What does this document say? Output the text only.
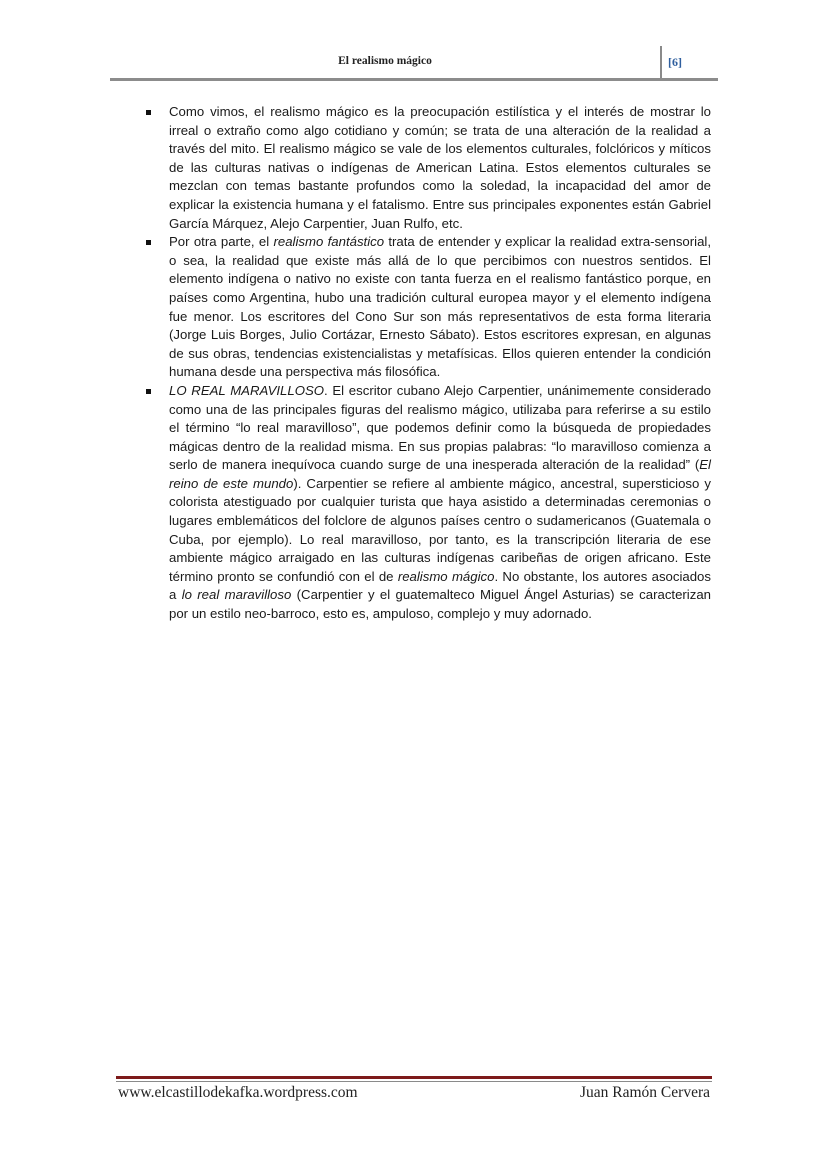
El realismo mágico	[6]
Como vimos, el realismo mágico es la preocupación estilística y el interés de mostrar lo irreal o extraño como algo cotidiano y común; se trata de una alteración de la realidad a través del mito. El realismo mágico se vale de los elementos culturales, folclóricos y míticos de las culturas nativas o indígenas de American Latina. Estos elementos culturales se mezclan con temas bastante profundos como la soledad, la incapacidad del amor de explicar la existencia humana y el fatalismo. Entre sus principales exponentes están Gabriel García Márquez, Alejo Carpentier, Juan Rulfo, etc.
Por otra parte, el realismo fantástico trata de entender y explicar la realidad extra-sensorial, o sea, la realidad que existe más allá de lo que percibimos con nuestros sentidos. El elemento indígena o nativo no existe con tanta fuerza en el realismo fantástico porque, en países como Argentina, hubo una tradición cultural europea mayor y el elemento indígena fue menor. Los escritores del Cono Sur son más representativos de esta forma literaria (Jorge Luis Borges, Julio Cortázar, Ernesto Sábato). Estos escritores expresan, en algunas de sus obras, tendencias existencialistas y metafísicas. Ellos quieren entender la condición humana desde una perspectiva más filosófica.
LO REAL MARAVILLOSO. El escritor cubano Alejo Carpentier, unánimemente considerado como una de las principales figuras del realismo mágico, utilizaba para referirse a su estilo el término “lo real maravilloso”, que podemos definir como la búsqueda de propiedades mágicas dentro de la realidad misma. En sus propias palabras: “lo maravilloso comienza a serlo de manera inequívoca cuando surge de una inesperada alteración de la realidad” (El reino de este mundo). Carpentier se refiere al ambiente mágico, ancestral, supersticioso y colorista atestiguado por cualquier turista que haya asistido a determinadas ceremonias o lugares emblemáticos del folclore de algunos países centro o sudamericanos (Guatemala o Cuba, por ejemplo). Lo real maravilloso, por tanto, es la transcripción literaria de ese ambiente mágico arraigado en las culturas indígenas caribeñas de origen africano. Este término pronto se confundió con el de realismo mágico. No obstante, los autores asociados a lo real maravilloso (Carpentier y el guatemalteco Miguel Ángel Asturias) se caracterizan por un estilo neo-barroco, esto es, ampuloso, complejo y muy adornado.
www.elcastillodekafka.wordpress.com	Juan Ramón Cervera
